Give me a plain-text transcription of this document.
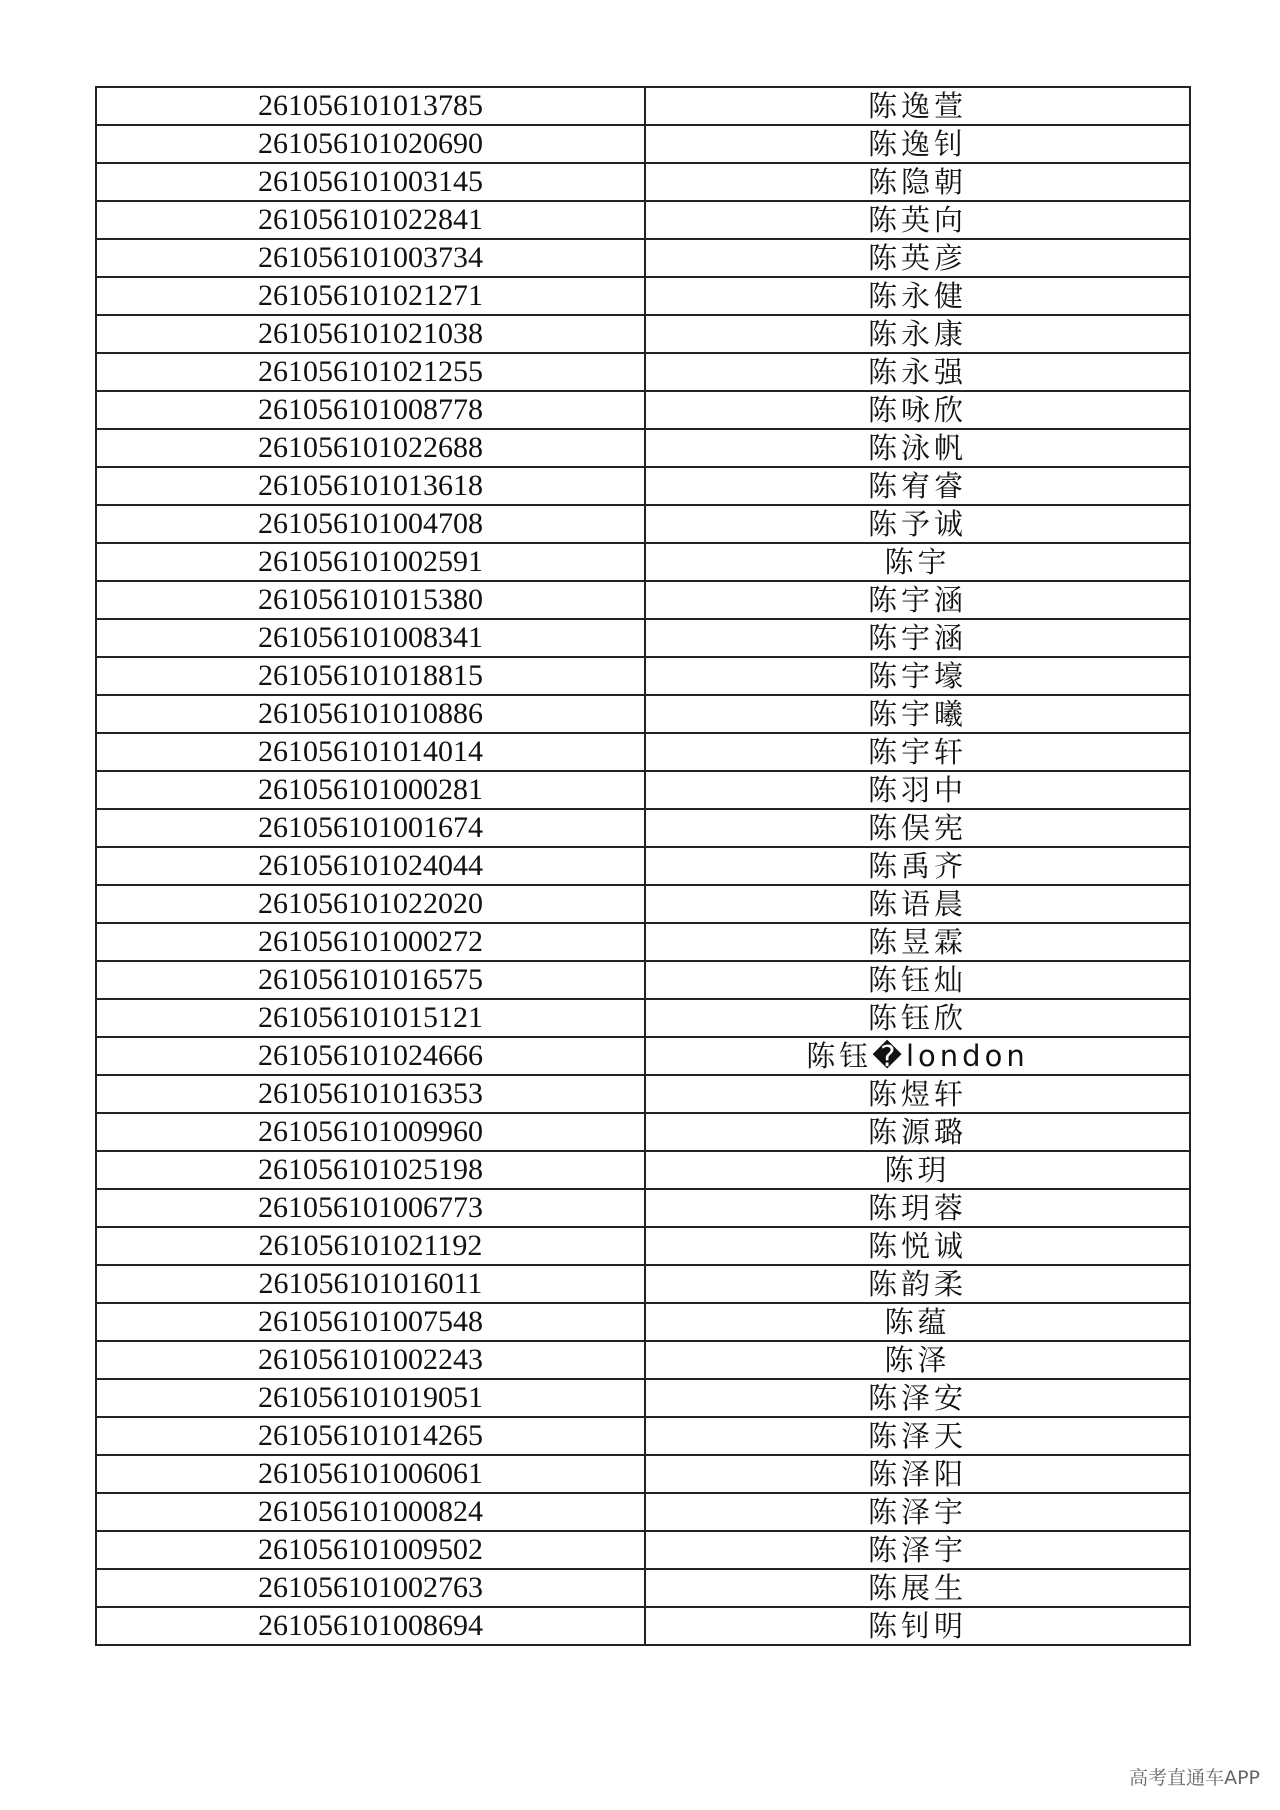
261056101013785	陈逸萱
261056101020690	陈逸钊
261056101003145	陈隐朝
261056101022841	陈英向
261056101003734	陈英彦
261056101021271	陈永健
261056101021038	陈永康
261056101021255	陈永强
261056101008778	陈咏欣
261056101022688	陈泳帆
261056101013618	陈宥睿
261056101004708	陈予诚
261056101002591	陈宇
261056101015380	陈宇涵
261056101008341	陈宇涵
261056101018815	陈宇壕
261056101010886	陈宇曦
261056101014014	陈宇轩
261056101000281	陈羽中
261056101001674	陈俣宪
261056101024044	陈禹齐
261056101022020	陈语晨
261056101000272	陈昱霖
261056101016575	陈钰灿
261056101015121	陈钰欣
261056101024666	陈钰�london
261056101016353	陈煜轩
261056101009960	陈源璐
261056101025198	陈玥
261056101006773	陈玥蓉
261056101021192	陈悦诚
261056101016011	陈韵柔
261056101007548	陈蕴
261056101002243	陈泽
261056101019051	陈泽安
261056101014265	陈泽天
261056101006061	陈泽阳
261056101000824	陈泽宇
261056101009502	陈泽宇
261056101002763	陈展生
261056101008694	陈钊明
高考直通车APP
